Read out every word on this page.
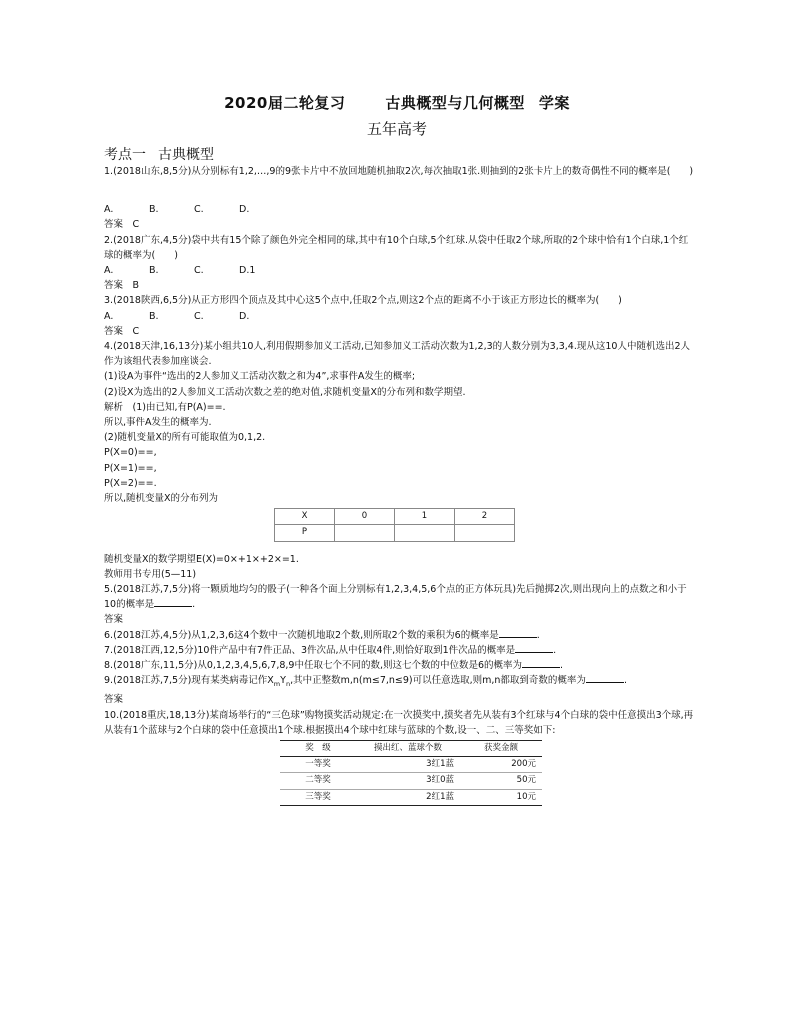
2020届二轮复习	古典概型与几何概型 学案
五年高考
考点一 古典概型

1.(2018山东,8,5分)从分别标有1,2,…,9的9张卡片中不放回地随机抽取2次,每次抽取1张.则抽到的2张卡片上的数奇偶性不同的概率是(　　)

A.	B.	C.	D.

答案　C

2.(2018广东,4,5分)袋中共有15个除了颜色外完全相同的球,其中有10个白球,5个红球.从袋中任取2个球,所取的2个球中恰有1个白球,1个红球的概率为(　　)

A.	B.	C.	D.1

答案　B

3.(2018陕西,6,5分)从正方形四个顶点及其中心这5个点中,任取2个点,则这2个点的距离不小于该正方形边长的概率为(　　)

A.	B.	C.	D.

答案　C

4.(2018天津,16,13分)某小组共10人,利用假期参加义工活动,已知参加义工活动次数为1,2,3的人数分别为3,3,4.现从这10人中随机选出2人作为该组代表参加座谈会.

(1)设A为事件“选出的2人参加义工活动次数之和为4”,求事件A发生的概率;

(2)设X为选出的2人参加义工活动次数之差的绝对值,求随机变量X的分布列和数学期望.

解析　(1)由已知,有P(A)==.

所以,事件A发生的概率为.

(2)随机变量X的所有可能取值为0,1,2.

P(X=0)==,

P(X=1)==,

P(X=2)==.

所以,随机变量X的分布列为

X	0	1	2
P			

随机变量X的数学期望E(X)=0×+1×+2×=1.

教师用书专用(5—11)

5.(2018江苏,7,5分)将一颗质地均匀的骰子(一种各个面上分别标有1,2,3,4,5,6个点的正方体玩具)先后抛掷2次,则出现向上的点数之和小于10的概率是	.

答案

6.(2018江苏,4,5分)从1,2,3,6这4个数中一次随机地取2个数,则所取2个数的乘积为6的概率是	.

7.(2018江西,12,5分)10件产品中有7件正品、3件次品,从中任取4件,则恰好取到1件次品的概率是	.

8.(2018广东,11,5分)从0,1,2,3,4,5,6,7,8,9中任取七个不同的数,则这七个数的中位数是6的概率为	.

9.(2018江苏,7,5分)现有某类病毒记作$X_mY_n$,其中正整数m,n(m≤7,n≤9)可以任意选取,则m,n都取到奇数的概率为	.

答案

10.(2018重庆,18,13分)某商场举行的“三色球”购物摸奖活动规定:在一次摸奖中,摸奖者先从装有3个红球与4个白球的袋中任意摸出3个球,再从装有1个蓝球与2个白球的袋中任意摸出1个球.根据摸出4个球中红球与蓝球的个数,设一、二、三等奖如下:

奖　级	摸出红、蓝球个数	获奖金额
一等奖	3红1蓝	200元
二等奖	3红0蓝	50元
三等奖	2红1蓝	10元
